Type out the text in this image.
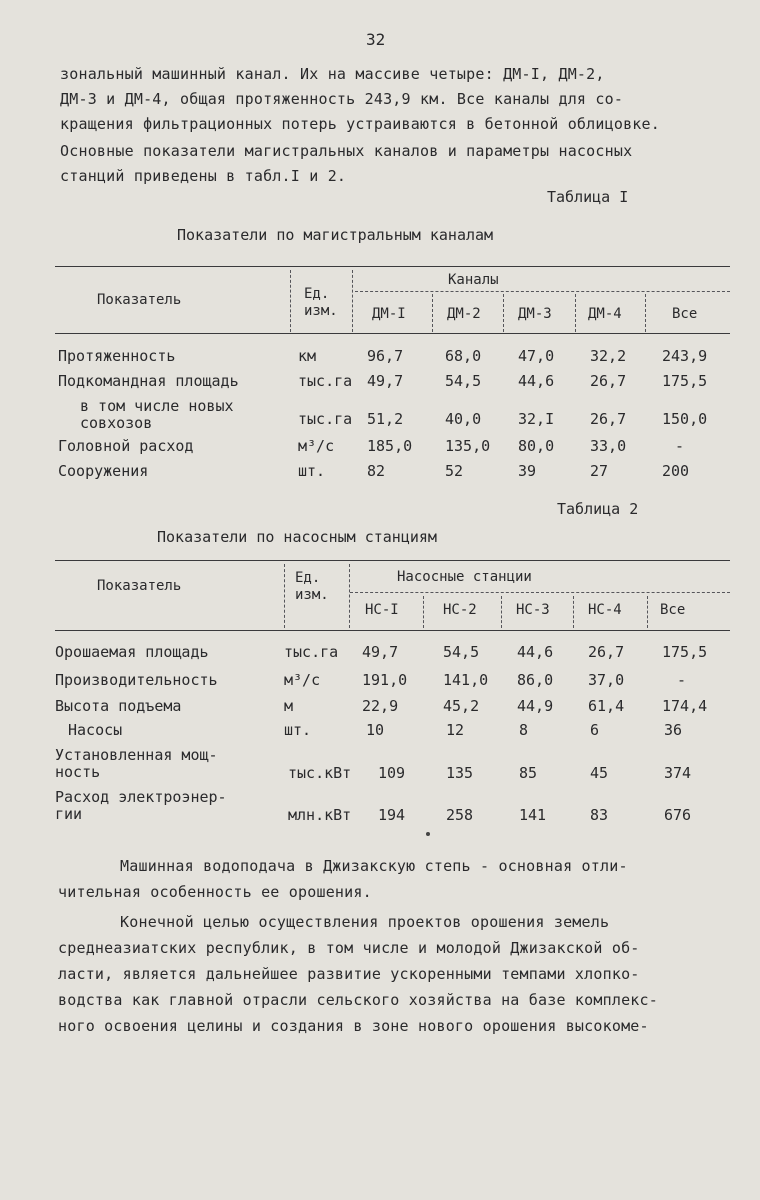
32
зональный машинный канал. Их на массиве четыре: ДМ-I, ДМ-2,
ДМ-3 и ДМ-4, общая протяженность 243,9 км. Все каналы для со-
кращения фильтрационных потерь устраиваются в бетонной облицовке.
Основные показатели магистральных каналов и параметры насосных
станций приведены в табл.I и 2.
Таблица I
Показатели по магистральным каналам
Показатель	Ед.
изм.
Каналы
ДМ-I	ДМ-2	ДМ-3	ДМ-4	Все
Протяженность	км	96,7	68,0 47,0 32,2 243,9
Подкомандная площадь	тыс.га 49,7	54,5 44,6 26,7 175,5
в том числе новых
совхозов	тыс.га 51,2	40,0 32,I 26,7 150,0
Головной расход	м³/с 185,0 135,0 80,0 33,0	-
Сооружения	шт.	82	52	39	27	200
Таблица 2
Показатели по насосным станциям
Показатель	Ед.
изм.
Насосные станции
НС-I	НС-2	НС-3	НС-4	Все
Орошаемая площадь	тыс.га 49,7	54,5	44,6 26,7	175,5
Производительность	м³/с	191,0 141,0 86,0 37,0	-
Высота подъема	м	22,9	45,2	44,9 61,4	174,4
Насосы	шт.	10	12	8	6	36
Установленная мощ-
ность	тыс.кВт 109	135	85	45	374
Расход электроэнер-
гии	млн.кВт 194	258	141	83	676
Машинная водоподача в Джизакскую степь - основная отли-
чительная особенность ее орошения.
Конечной целью осуществления проектов орошения земель
среднеазиатских республик, в том числе и молодой Джизакской об-
ласти, является дальнейшее развитие ускоренными темпами хлопко-
водства как главной отрасли сельского хозяйства на базе комплекс-
ного освоения целины и создания в зоне нового орошения высокоме-
